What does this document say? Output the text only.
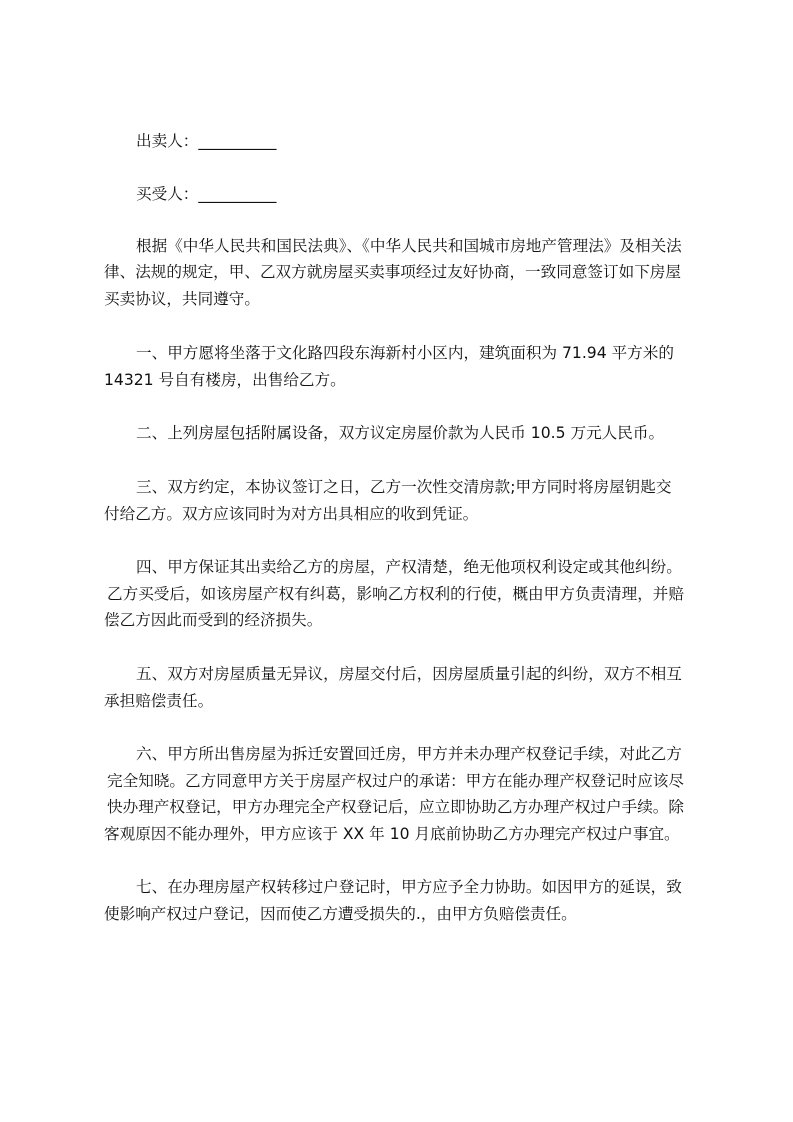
出卖人：__________
买受人：__________
根据《中华人民共和国民法典》、《中华人民共和国城市房地产管理法》及相关法
律、法规的规定，甲、乙双方就房屋买卖事项经过友好协商，一致同意签订如下房屋
买卖协议，共同遵守。
一、甲方愿将坐落于文化路四段东海新村小区内，建筑面积为 71.94 平方米的
14321 号自有楼房，出售给乙方。
二、上列房屋包括附属设备，双方议定房屋价款为人民币 10.5 万元人民币。
三、双方约定，本协议签订之日，乙方一次性交清房款;甲方同时将房屋钥匙交
付给乙方。双方应该同时为对方出具相应的收到凭证。
四、甲方保证其出卖给乙方的房屋，产权清楚，绝无他项权利设定或其他纠纷。
乙方买受后，如该房屋产权有纠葛，影响乙方权利的行使，概由甲方负责清理，并赔
偿乙方因此而受到的经济损失。
五、双方对房屋质量无异议，房屋交付后，因房屋质量引起的纠纷，双方不相互
承担赔偿责任。
六、甲方所出售房屋为拆迁安置回迁房，甲方并未办理产权登记手续，对此乙方
完全知晓。乙方同意甲方关于房屋产权过户的承诺：甲方在能办理产权登记时应该尽
快办理产权登记，甲方办理完全产权登记后，应立即协助乙方办理产权过户手续。除
客观原因不能办理外，甲方应该于 XX 年 10 月底前协助乙方办理完产权过户事宜。
七、在办理房屋产权转移过户登记时，甲方应予全力协助。如因甲方的延误，致
使影响产权过户登记，因而使乙方遭受损失的.，由甲方负赔偿责任。
